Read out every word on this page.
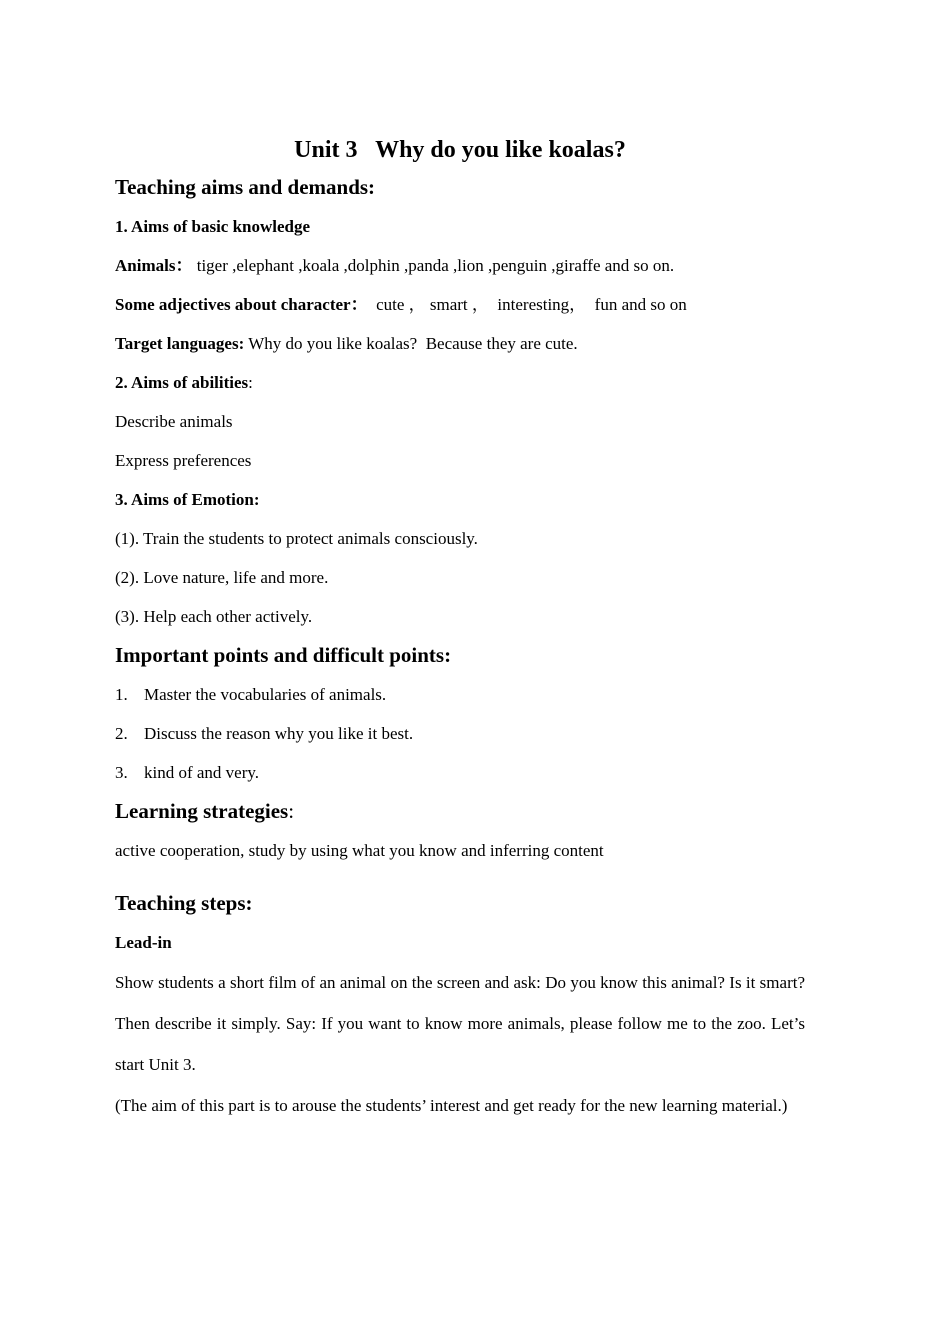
Unit 3   Why do you like koalas?

Teaching aims and demands:

1. Aims of basic knowledge

Animals： tiger ,elephant ,koala ,dolphin ,panda ,lion ,penguin ,giraffe and so on.

Some adjectives about character：  cute ， smart ，  interesting，  fun and so on

Target languages: Why do you like koalas?  Because they are cute.

2. Aims of abilities:

Describe animals

Express preferences

3. Aims of Emotion:

(1). Train the students to protect animals consciously.

(2). Love nature, life and more.

(3). Help each other actively.

Important points and difficult points:

1. Master the vocabularies of animals.
2. Discuss the reason why you like it best.
3. kind of and very.

Learning strategies:

active cooperation, study by using what you know and inferring content

Teaching steps:

Lead-in

Show students a short film of an animal on the screen and ask: Do you know this animal? Is it smart? Then describe it simply. Say: If you want to know more animals, please follow me to the zoo. Let’s start Unit 3.

(The aim of this part is to arouse the students’ interest and get ready for the new learning material.)
